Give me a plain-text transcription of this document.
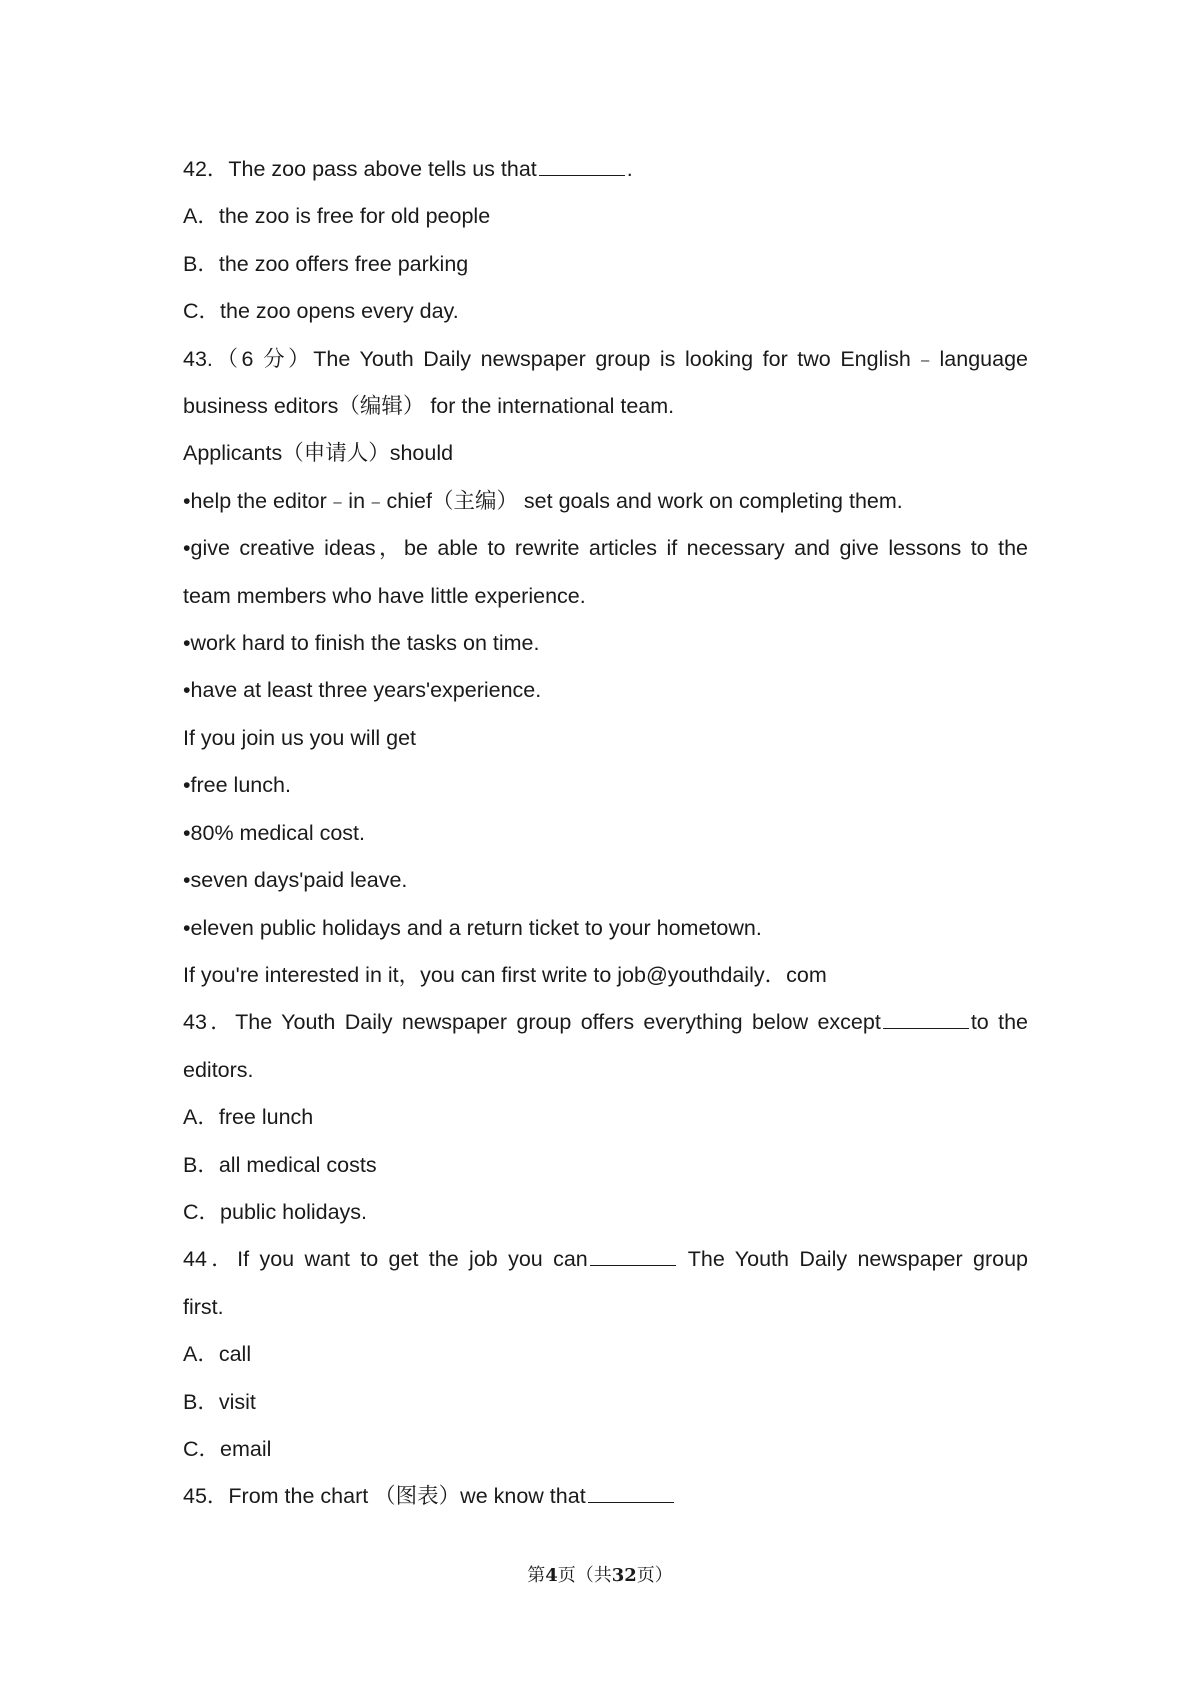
42．The zoo pass above tells us that	.
A．the zoo is free for old people
B．the zoo offers free parking
C．the zoo opens every day.
43.（6 分）The Youth Daily newspaper group is looking for two English﹣language
business editors（编辑） for the international team.
Applicants（申请人）should
•help the editor﹣in﹣chief（主编） set goals and work on completing them.
•give creative ideas，be able to rewrite articles if necessary and give lessons to the
team members who have little experience.
•work hard to finish the tasks on time.
•have at least three years'experience.
If you join us you will get
•free lunch.
•80% medical cost.
•seven days'paid leave.
•eleven public holidays and a return ticket to your hometown.
If you're interested in it，you can first write to job@youthdaily．com
43．The Youth Daily newspaper group offers everything below except	to the
editors.
A．free lunch
B．all medical costs
C．public holidays.
44．If you want to get the job you can	The Youth Daily newspaper group
first.
A．call
B．visit
C．email
45．From the chart （图表）we know that
第4页（共32页）
